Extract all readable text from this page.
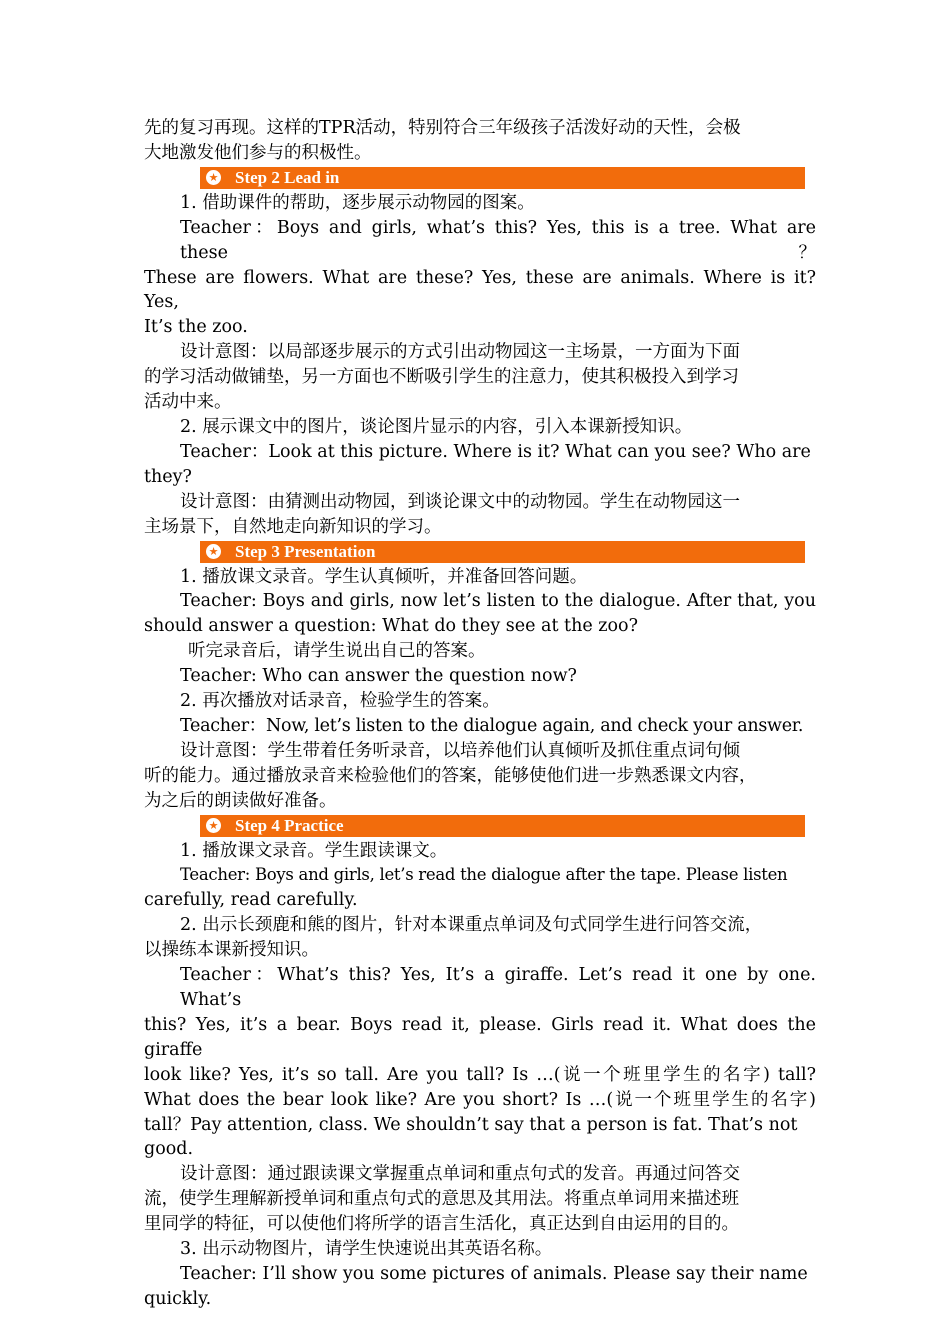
先的复习再现。这样的TPR活动，特别符合三年级孩子活泼好动的天性，会极
大地激发他们参与的积极性。
★ Step 2 Lead in
1. 借助课件的帮助，逐步展示动物园的图案。
Teacher：Boys and girls, what’s this? Yes, this is a tree. What are these？
These are flowers. What are these? Yes, these are animals. Where is it? Yes,
It’s the zoo.
设计意图：以局部逐步展示的方式引出动物园这一主场景，一方面为下面
的学习活动做铺垫，另一方面也不断吸引学生的注意力，使其积极投入到学习
活动中来。
2. 展示课文中的图片，谈论图片显示的内容，引入本课新授知识。
Teacher：Look at this picture. Where is it? What can you see? Who are
they?
设计意图：由猜测出动物园，到谈论课文中的动物园。学生在动物园这一
主场景下，自然地走向新知识的学习。
★ Step 3 Presentation
1. 播放课文录音。学生认真倾听，并准备回答问题。
Teacher: Boys and girls, now let’s listen to the dialogue. After that, you
should answer a question: What do they see at the zoo?
听完录音后，请学生说出自己的答案。
Teacher: Who can answer the question now?
2. 再次播放对话录音，检验学生的答案。
Teacher：Now, let’s listen to the dialogue again, and check your answer.
设计意图：学生带着任务听录音，以培养他们认真倾听及抓住重点词句倾
听的能力。通过播放录音来检验他们的答案，能够使他们进一步熟悉课文内容，
为之后的朗读做好准备。
★ Step 4 Practice
1. 播放课文录音。学生跟读课文。
Teacher: Boys and girls, let’s read the dialogue after the tape. Please listen
carefully, read carefully.
2. 出示长颈鹿和熊的图片，针对本课重点单词及句式同学生进行问答交流，
以操练本课新授知识。
Teacher：What’s this? Yes, It’s a giraffe. Let’s read it one by one. What’s
this? Yes, it’s a bear. Boys read it, please. Girls read it. What does the giraffe
look like? Yes, it’s so tall. Are you tall? Is …(说一个班里学生的名字) tall?
What does the bear look like? Are you short? Is …(说一个班里学生的名字)
tall？Pay attention, class. We shouldn’t say that a person is fat. That’s not
good.
设计意图：通过跟读课文掌握重点单词和重点句式的发音。再通过问答交
流，使学生理解新授单词和重点句式的意思及其用法。将重点单词用来描述班
里同学的特征，可以使他们将所学的语言生活化，真正达到自由运用的目的。
3. 出示动物图片，请学生快速说出其英语名称。
Teacher: I’ll show you some pictures of animals. Please say their name
quickly.
